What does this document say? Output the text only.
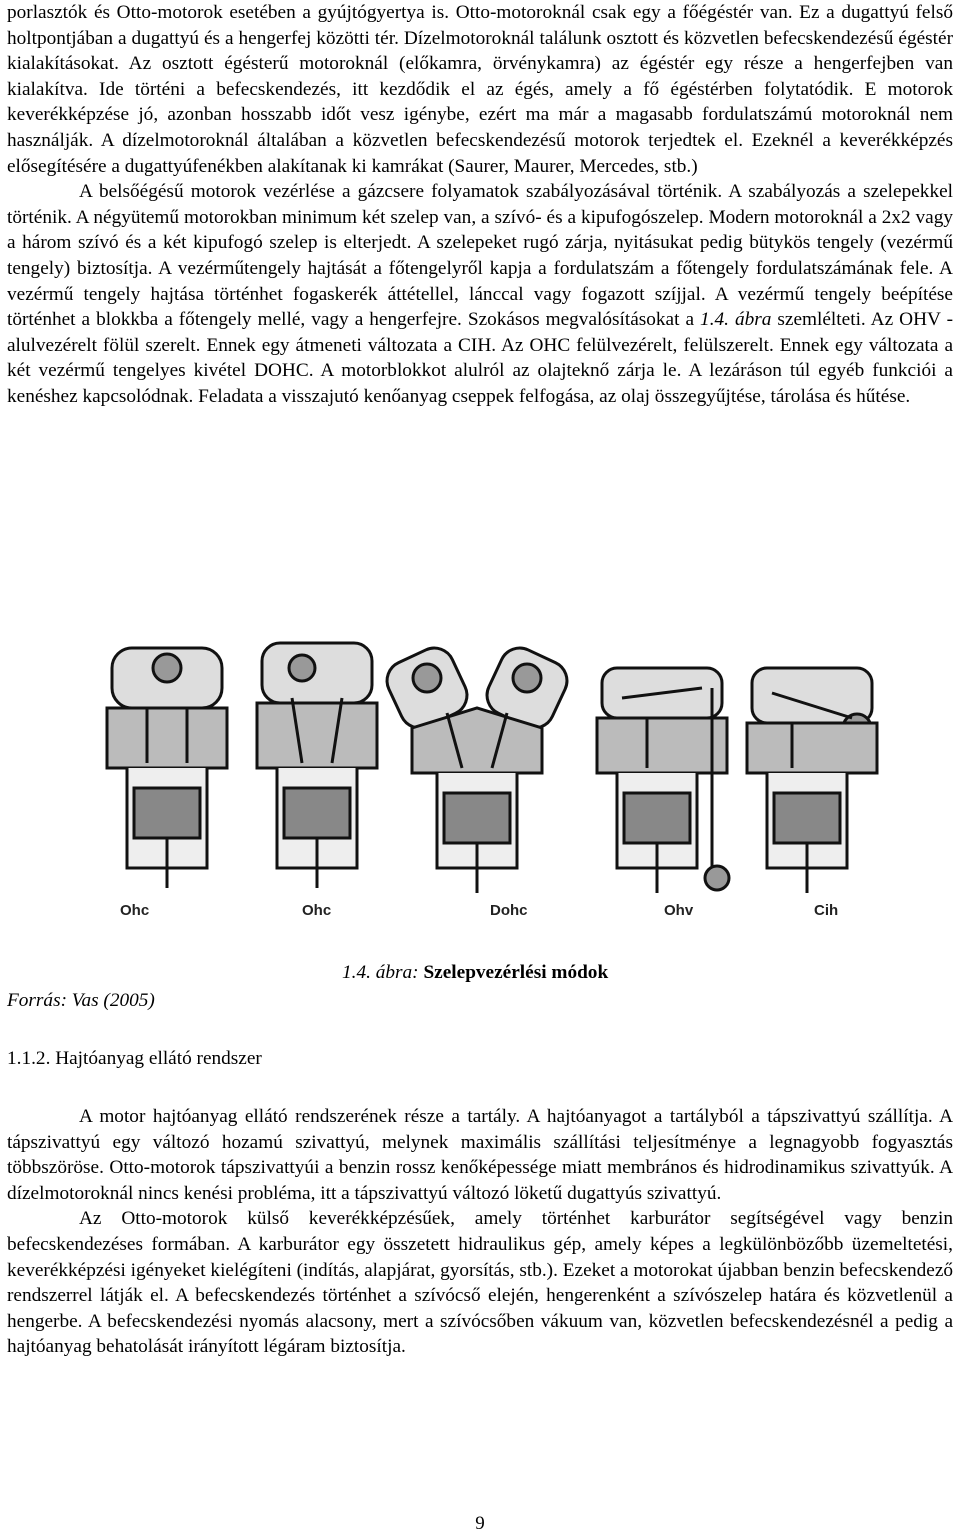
porlasztók és Otto-motorok esetében a gyújtógyertya is. Otto-motoroknál csak egy a főégéstér van. Ez a dugattyú felső holtpontjában a dugattyú és a hengerfej közötti tér. Dízelmotoroknál találunk osztott és közvetlen befecskendezésű égéstér kialakításokat. Az osztott égésterű motoroknál (előkamra, örvénykamra) az égéstér egy része a hengerfejben van kialakítva. Ide történi a befecskendezés, itt kezdődik el az égés, amely a fő égéstérben folytatódik. E motorok keverékképzése jó, azonban hosszabb időt vesz igénybe, ezért ma már a magasabb fordulatszámú motoroknál nem használják. A dízelmotoroknál általában a közvetlen befecskendezésű motorok terjedtek el. Ezeknél a keverékképzés elősegítésére a dugattyúfenékben alakítanak ki kamrákat (Saurer, Maurer, Mercedes, stb.)

A belsőégésű motorok vezérlése a gázcsere folyamatok szabályozásával történik. A szabályozás a szelepekkel történik. A négyütemű motorokban minimum két szelep van, a szívó- és a kipufogószelep. Modern motoroknál a 2x2 vagy a három szívó és a két kipufogó szelep is elterjedt. A szelepeket rugó zárja, nyitásukat pedig bütykös tengely (vezérmű tengely) biztosítja. A vezérműtengely hajtását a főtengelyről kapja a fordulatszám a főtengely fordulatszámának fele. A vezérmű tengely hajtása történhet fogaskerék áttétellel, lánccal vagy fogazott szíjjal. A vezérmű tengely beépítése történhet a blokkba a főtengely mellé, vagy a hengerfejre. Szokásos megvalósításokat a 1.4. ábra szemlélteti. Az OHV - alulvezérelt fölül szerelt. Ennek egy átmeneti változata a CIH. Az OHC felülvezérelt, felülszerelt. Ennek egy változata a két vezérmű tengelyes kivétel DOHC. A motorblokkot alulról az olajteknő zárja le. A lezáráson túl egyéb funkciói a kenéshez kapcsolódnak. Feladata a visszajutó kenőanyag cseppek felfogása, az olaj összegyűjtése, tárolása és hűtése.

Ohc	Ohc	Dohc	Ohv	Cih
1.4. ábra: Szelepvezérlési módok
Forrás: Vas (2005)
1.1.2. Hajtóanyag ellátó rendszer

A motor hajtóanyag ellátó rendszerének része a tartály. A hajtóanyagot a tartályból a tápszivattyú szállítja. A tápszivattyú egy változó hozamú szivattyú, melynek maximális szállítási teljesítménye a legnagyobb fogyasztás többszöröse. Otto-motorok tápszivattyúi a benzin rossz kenőképessége miatt membrános és hidrodinamikus szivattyúk. A dízelmotoroknál nincs kenési probléma, itt a tápszivattyú változó löketű dugattyús szivattyú.

Az Otto-motorok külső keverékképzésűek, amely történhet karburátor segítségével vagy benzin befecskendezéses formában. A karburátor egy összetett hidraulikus gép, amely képes a legkülönbözőbb üzemeltetési, keverékképzési igényeket kielégíteni (indítás, alapjárat, gyorsítás, stb.). Ezeket a motorokat újabban benzin befecskendező rendszerrel látják el. A befecskendezés történhet a szívócső elején, hengerenként a szívószelep határa és közvetlenül a hengerbe. A befecskendezési nyomás alacsony, mert a szívócsőben vákuum van, közvetlen befecskendezésnél a pedig a hajtóanyag behatolását irányított légáram biztosítja.

9
